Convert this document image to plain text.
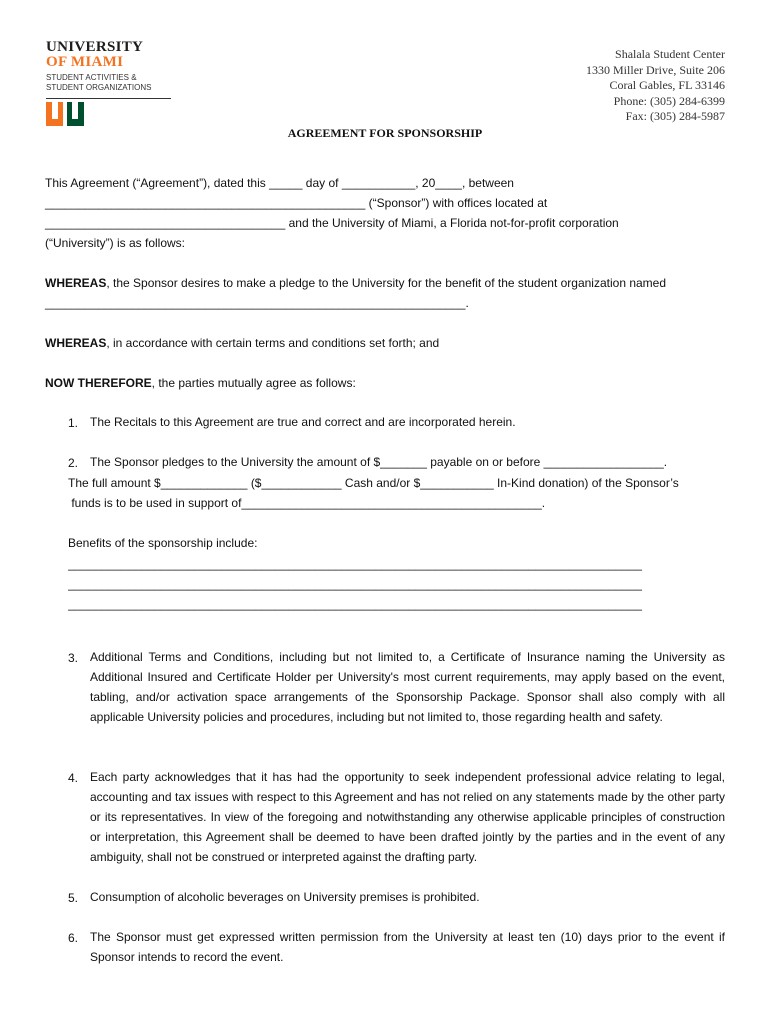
UNIVERSITY
OF MIAMI
STUDENT ACTIVITIES &
STUDENT ORGANIZATIONS
Shalala Student Center
1330 Miller Drive, Suite 206
Coral Gables, FL 33146
Phone: (305) 284-6399
Fax: (305) 284-5987
AGREEMENT FOR SPONSORSHIP
This Agreement (“Agreement”), dated this _____ day of ___________, 20____, between
________________________________________________ (“Sponsor”) with offices located at
____________________________________ and the University of Miami, a Florida not-for-profit corporation
(“University”) is as follows:
WHEREAS, the Sponsor desires to make a pledge to the University for the benefit of the student organization named
_______________________________________________________________.
WHEREAS, in accordance with certain terms and conditions set forth; and
NOW THEREFORE, the parties mutually agree as follows:
1. The Recitals to this Agreement are true and correct and are incorporated herein.
2. The Sponsor pledges to the University the amount of $_______ payable on or before __________________.
The full amount $_____________ ($____________ Cash and/or $___________ In-Kind donation) of the Sponsor’s
funds is to be used in support of_____________________________________________.
Benefits of the sponsorship include:
______________________________________________________________________________________
______________________________________________________________________________________
______________________________________________________________________________________
3. Additional Terms and Conditions, including but not limited to, a Certificate of Insurance naming the University as Additional Insured and Certificate Holder per University's most current requirements, may apply based on the event, tabling, and/or activation space arrangements of the Sponsorship Package. Sponsor shall also comply with all applicable University policies and procedures, including but not limited to, those regarding health and safety.
4. Each party acknowledges that it has had the opportunity to seek independent professional advice relating to legal, accounting and tax issues with respect to this Agreement and has not relied on any statements made by the other party or its representatives. In view of the foregoing and notwithstanding any otherwise applicable principles of construction or interpretation, this Agreement shall be deemed to have been drafted jointly by the parties and in the event of any ambiguity, shall not be construed or interpreted against the drafting party.
5. Consumption of alcoholic beverages on University premises is prohibited.
6. The Sponsor must get expressed written permission from the University at least ten (10) days prior to the event if Sponsor intends to record the event.
